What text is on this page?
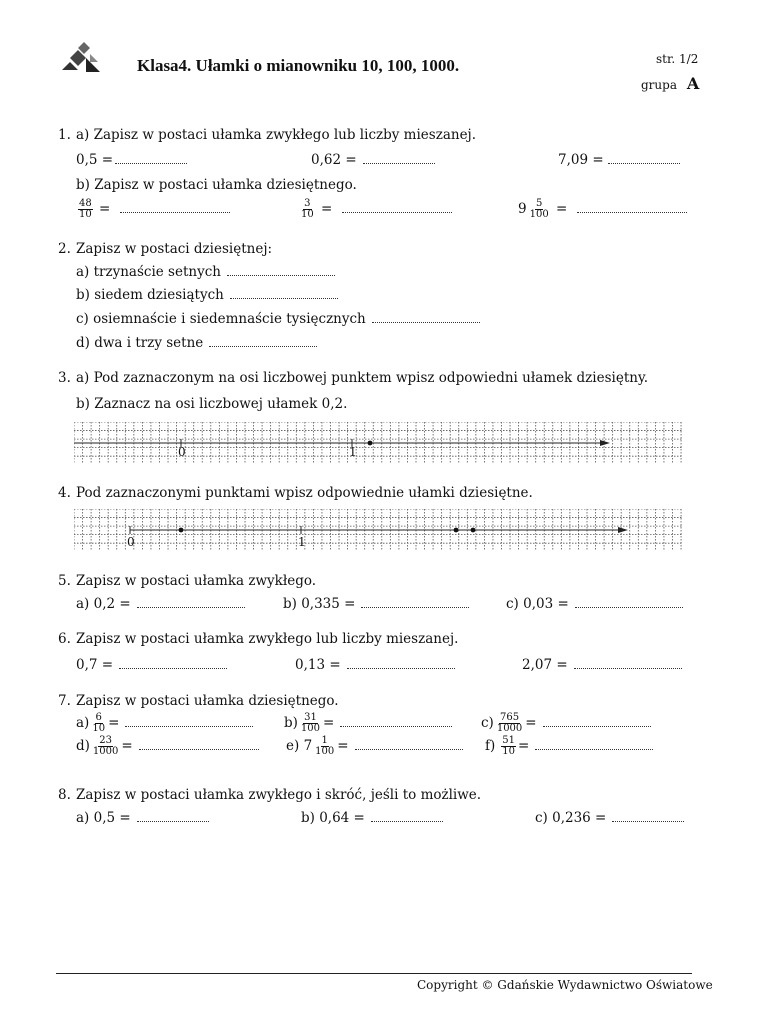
Klasa4. Ułamki o mianowniku 10, 100, 1000.	str. 1/2
grupa A
1. a) Zapisz w postaci ułamka zwykłego lub liczby mieszanej.
0,5 =	0,62 =	7,09 =
b) Zapisz w postaci ułamka dziesiętnego.
$\frac{48}{10}$ =	$\frac{3}{10}$ =	$9 \frac{5}{100}$ =
2. Zapisz w postaci dziesiętnej:
a) trzynaście setnych
b) siedem dziesiątych
c) osiemnaście i siedemnaście tysięcznych
d) dwa i trzy setne
3. a) Pod zaznaczonym na osi liczbowej punktem wpisz odpowiedni ułamek dziesiętny.
b) Zaznacz na osi liczbowej ułamek 0,2.
0	1
4. Pod zaznaczonymi punktami wpisz odpowiednie ułamki dziesiętne.
0	1
5. Zapisz w postaci ułamka zwykłego.
a) 0,2 =	b) 0,335 =	c) 0,03 =
6. Zapisz w postaci ułamka zwykłego lub liczby mieszanej.
0,7 =	0,13 =	2,07 =
7. Zapisz w postaci ułamka dziesiętnego.
$a) \frac{6}{10}$ =	$b) \frac{31}{100}$ =	$c) \frac{765}{1000}$ =
$d) \frac{23}{1000}$ =	e) $7 \frac{1}{100}$ =	$f) \frac{51}{10}$ =
8. Zapisz w postaci ułamka zwykłego i skróć, jeśli to możliwe.
a) 0,5 =	b) 0,64 =	c) 0,236 =
Copyright © Gdańskie Wydawnictwo Oświatowe
